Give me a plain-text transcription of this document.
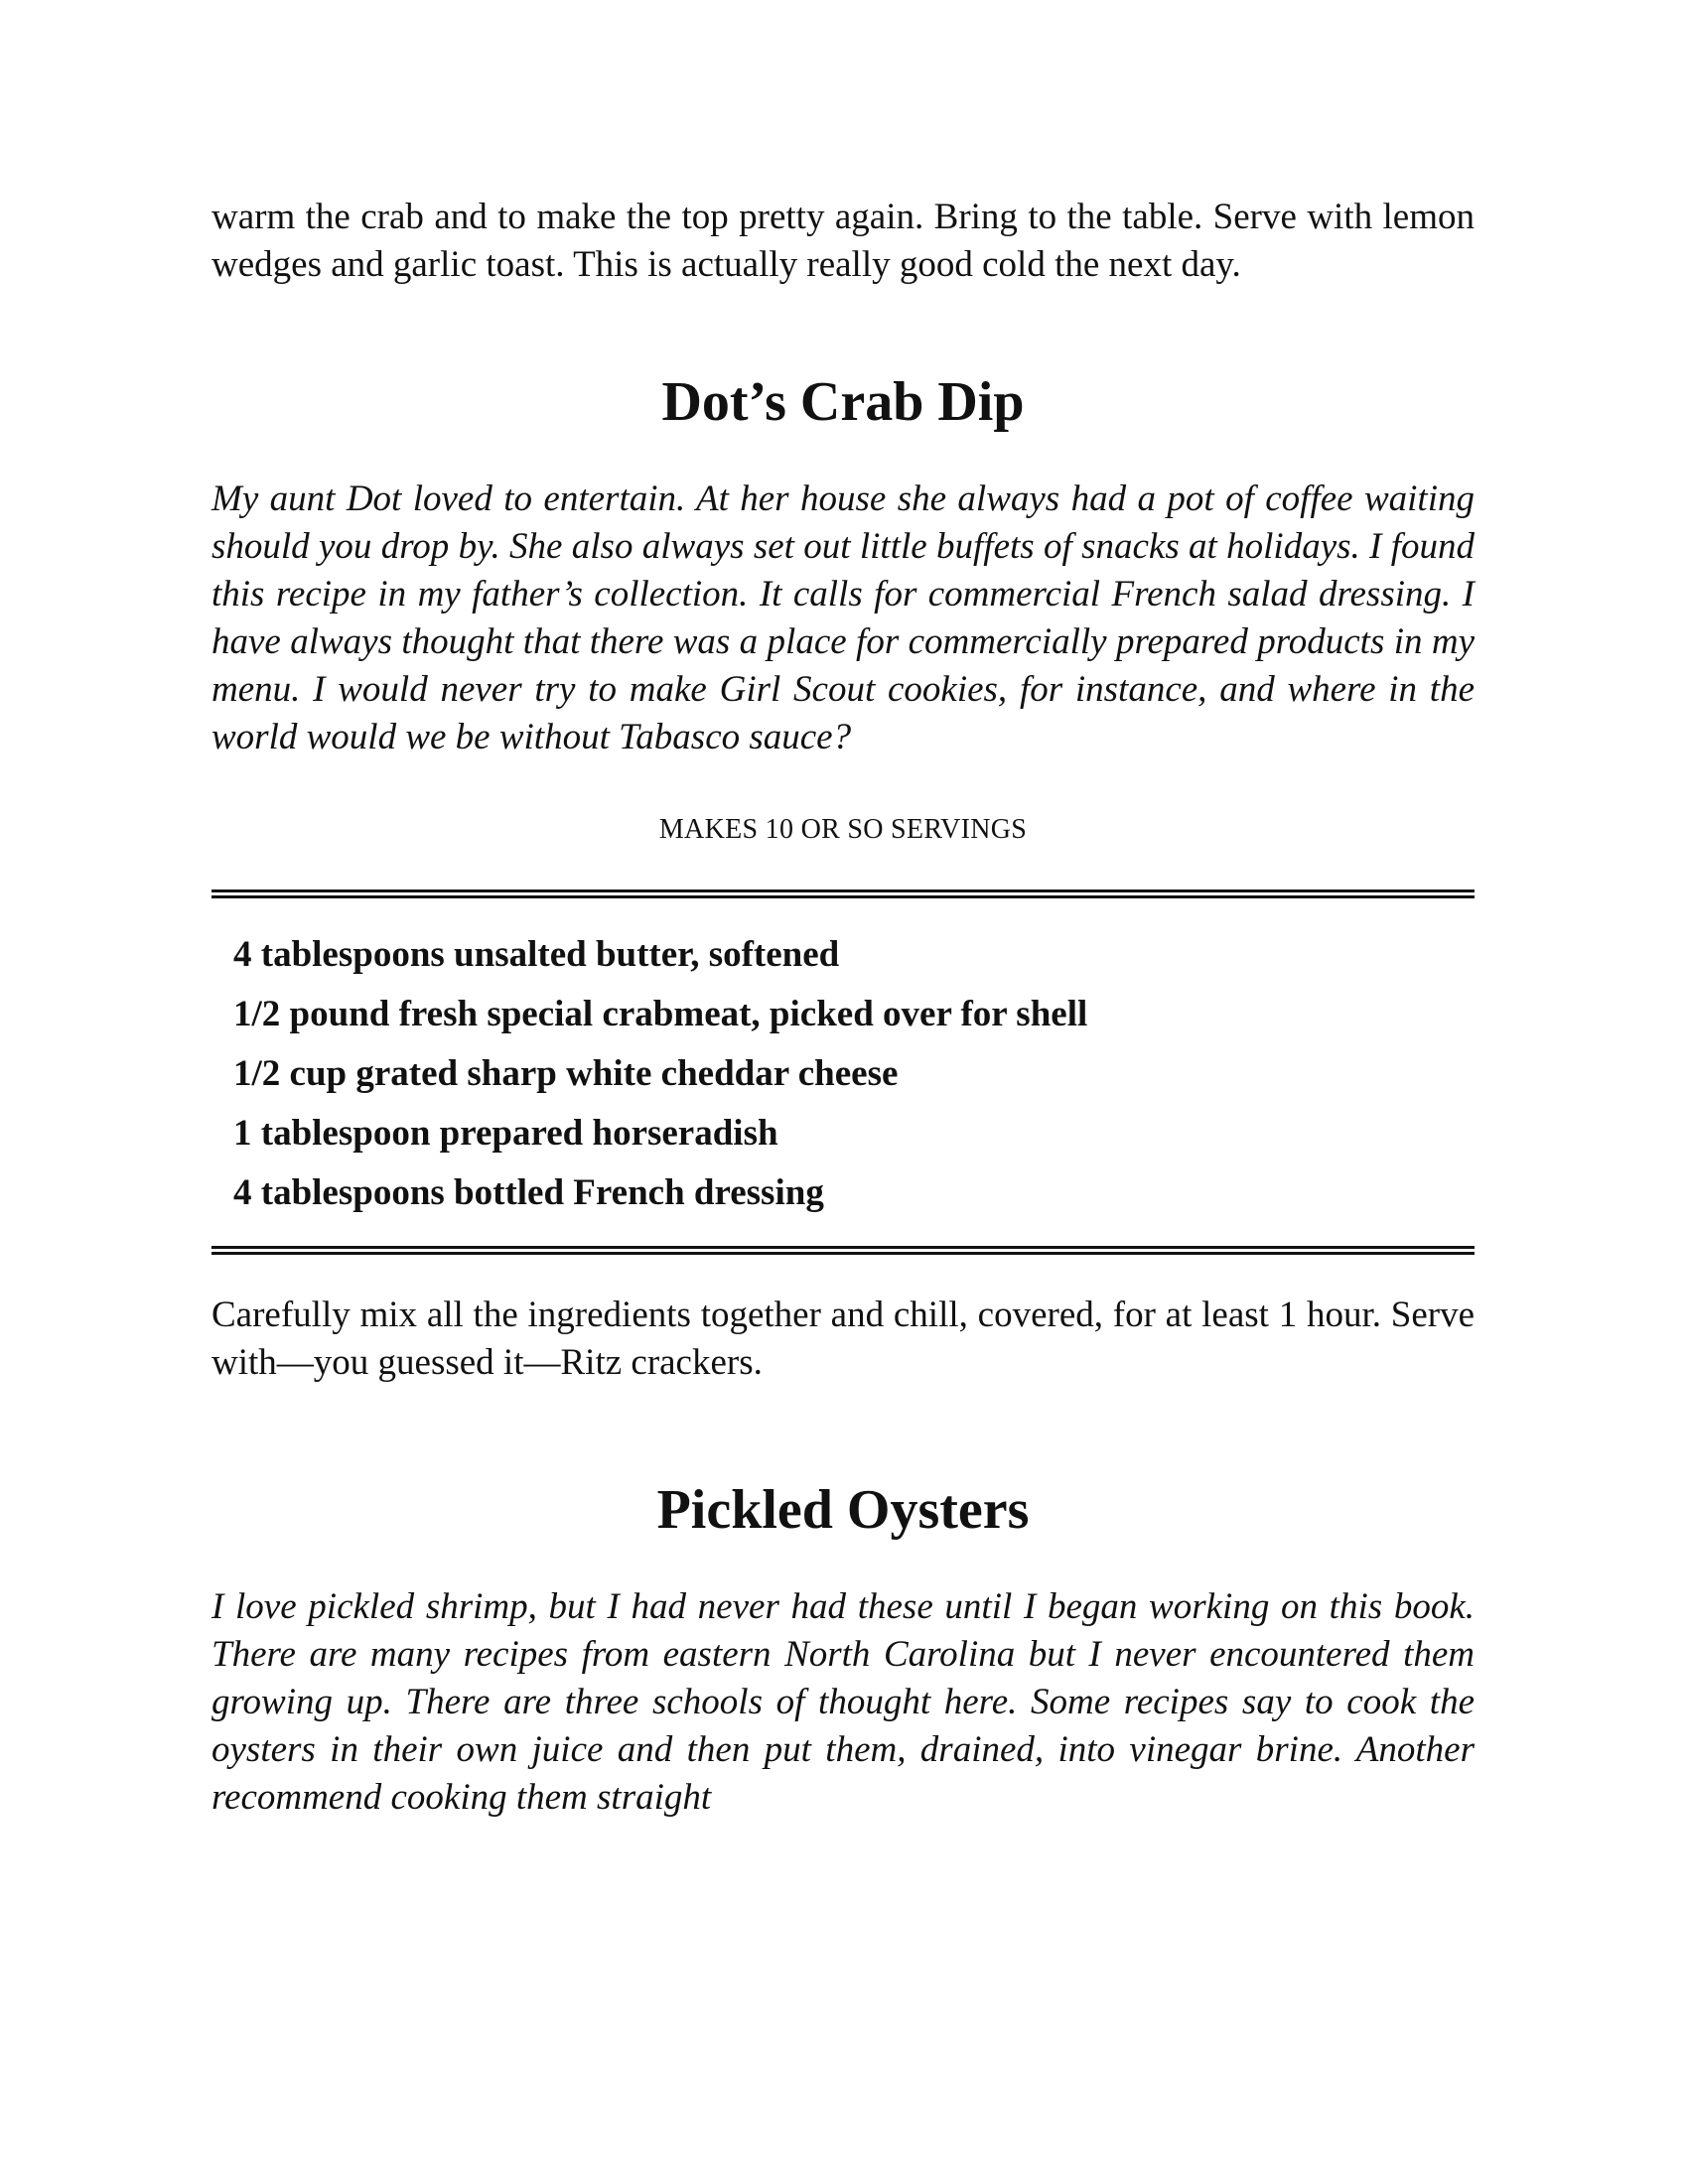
warm the crab and to make the top pretty again. Bring to the table. Serve with lemon wedges and garlic toast. This is actually really good cold the next day.

Dot’s Crab Dip

My aunt Dot loved to entertain. At her house she always had a pot of coffee waiting should you drop by. She also always set out little buffets of snacks at holidays. I found this recipe in my father’s collection. It calls for commercial French salad dressing. I have always thought that there was a place for commercially prepared products in my menu. I would never try to make Girl Scout cookies, for instance, and where in the world would we be without Tabasco sauce?

MAKES 10 OR SO SERVINGS

4 tablespoons unsalted butter, softened
1/2 pound fresh special crabmeat, picked over for shell
1/2 cup grated sharp white cheddar cheese
1 tablespoon prepared horseradish
4 tablespoons bottled French dressing

Carefully mix all the ingredients together and chill, covered, for at least 1 hour. Serve with—you guessed it—Ritz crackers.

Pickled Oysters

I love pickled shrimp, but I had never had these until I began working on this book. There are many recipes from eastern North Carolina but I never encountered them growing up. There are three schools of thought here. Some recipes say to cook the oysters in their own juice and then put them, drained, into vinegar brine. Another recommend cooking them straight
